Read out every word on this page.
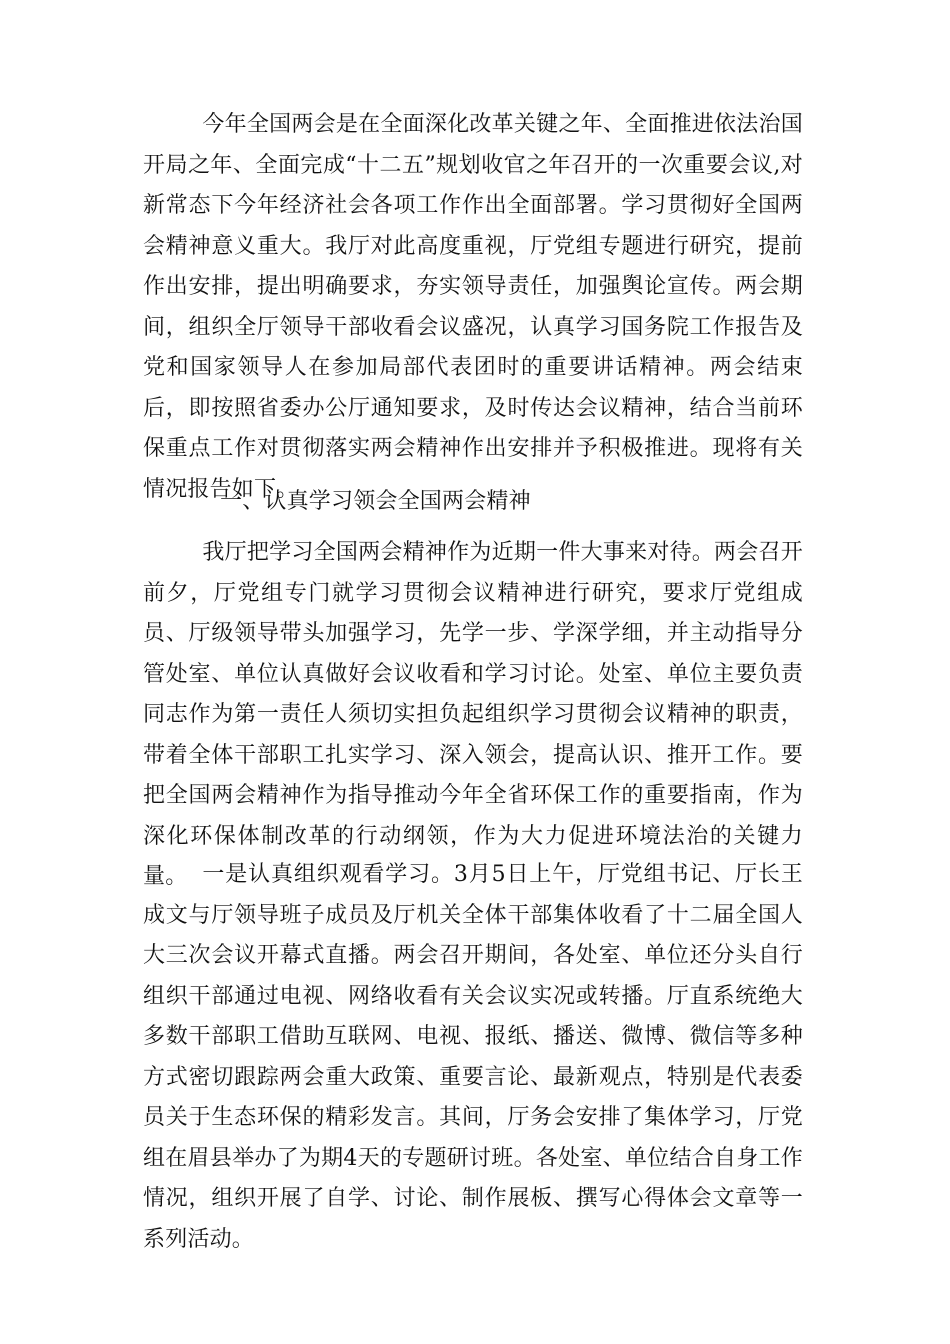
今年全国两会是在全面深化改革关键之年、全面推进依法治国开局之年、全面完成“十二五”规划收官之年召开的一次重要会议,对新常态下今年经济社会各项工作作出全面部署。学习贯彻好全国两会精神意义重大。我厅对此高度重视，厅党组专题进行研究，提前作出安排，提出明确要求，夯实领导责任，加强舆论宣传。两会期间，组织全厅领导干部收看会议盛况，认真学习国务院工作报告及党和国家领导人在参加局部代表团时的重要讲话精神。两会结束后，即按照省委办公厅通知要求，及时传达会议精神，结合当前环保重点工作对贯彻落实两会精神作出安排并予积极推进。现将有关情况报告如下。

一、认真学习领会全国两会精神

我厅把学习全国两会精神作为近期一件大事来对待。两会召开前夕，厅党组专门就学习贯彻会议精神进行研究，要求厅党组成员、厅级领导带头加强学习，先学一步、学深学细，并主动指导分管处室、单位认真做好会议收看和学习讨论。处室、单位主要负责同志作为第一责任人须切实担负起组织学习贯彻会议精神的职责，带着全体干部职工扎实学习、深入领会，提高认识、推开工作。要把全国两会精神作为指导推动今年全省环保工作的重要指南，作为深化环保体制改革的行动纲领，作为大力促进环境法治的关键力量。 一是认真组织观看学习。3月5日上午，厅党组书记、厅长王成文与厅领导班子成员及厅机关全体干部集体收看了十二届全国人大三次会议开幕式直播。两会召开期间，各处室、单位还分头自行组织干部通过电视、网络收看有关会议实况或转播。厅直系统绝大多数干部职工借助互联网、电视、报纸、播送、微博、微信等多种方式密切跟踪两会重大政策、重要言论、最新观点，特别是代表委员关于生态环保的精彩发言。其间，厅务会安排了集体学习，厅党组在眉县举办了为期4天的专题研讨班。各处室、单位结合自身工作情况，组织开展了自学、讨论、制作展板、撰写心得体会文章等一系列活动。
